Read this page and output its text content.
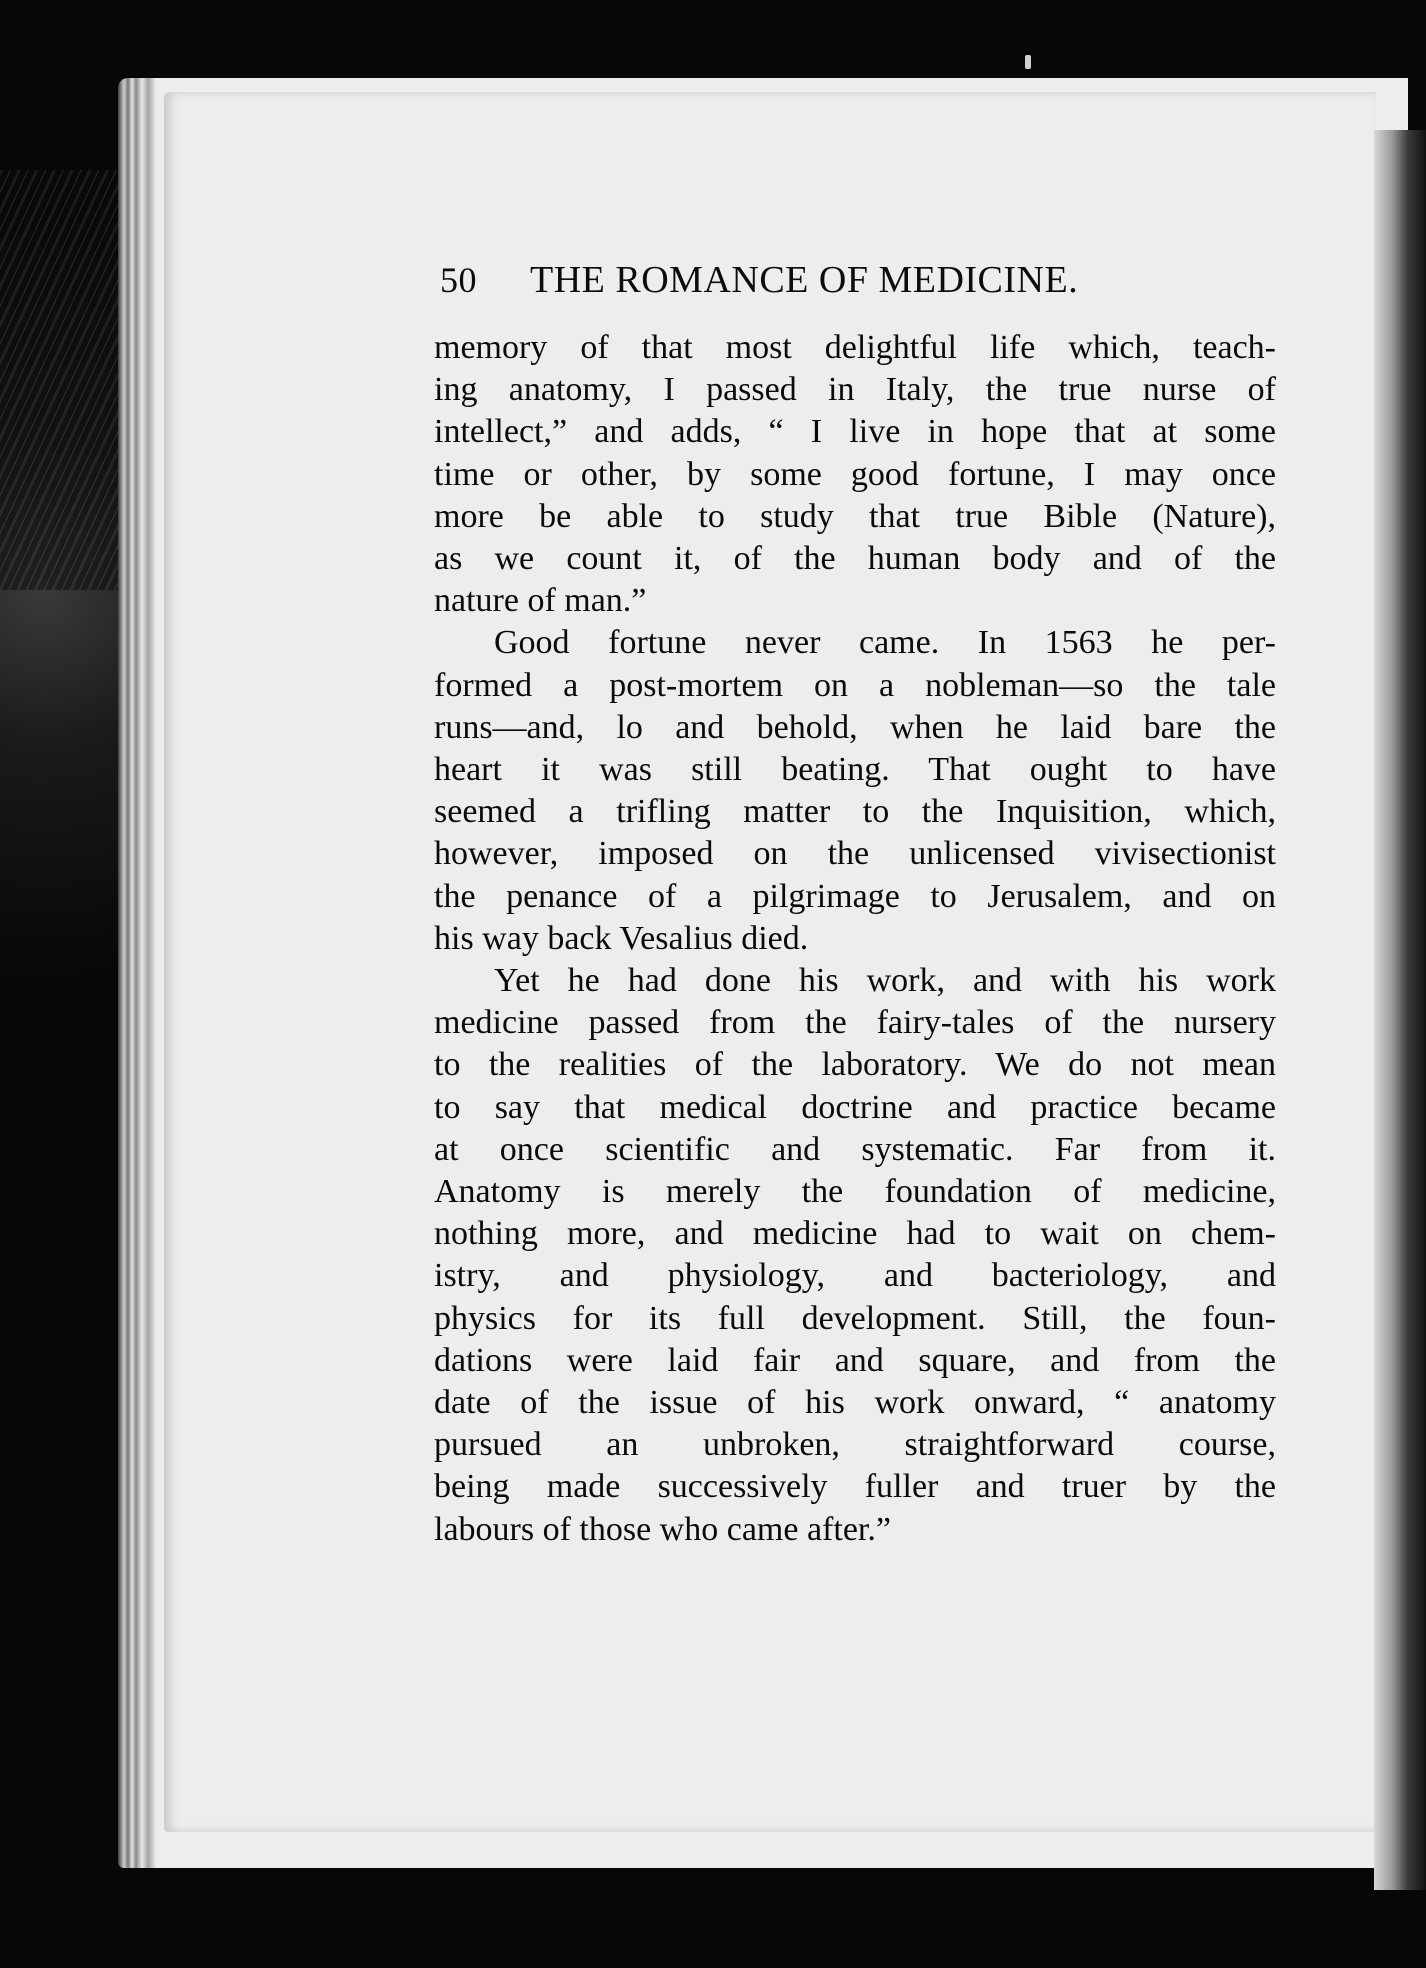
50	THE ROMANCE OF MEDICINE.
memory of that most delightful life which, teach-
ing anatomy, I passed in Italy, the true nurse of
intellect,” and adds, “ I live in hope that at some
time or other, by some good fortune, I may once
more be able to study that true Bible (Nature),
as we count it, of the human body and of the
nature of man.”
Good fortune never came. In 1563 he per-
formed a post-mortem on a nobleman—so the tale
runs—and, lo and behold, when he laid bare the
heart it was still beating. That ought to have
seemed a trifling matter to the Inquisition, which,
however, imposed on the unlicensed vivisectionist
the penance of a pilgrimage to Jerusalem, and on
his way back Vesalius died.
Yet he had done his work, and with his work
medicine passed from the fairy-tales of the nursery
to the realities of the laboratory. We do not mean
to say that medical doctrine and practice became
at once scientific and systematic. Far from it.
Anatomy is merely the foundation of medicine,
nothing more, and medicine had to wait on chem-
istry, and physiology, and bacteriology, and
physics for its full development. Still, the foun-
dations were laid fair and square, and from the
date of the issue of his work onward, “ anatomy
pursued an unbroken, straightforward course,
being made successively fuller and truer by the
labours of those who came after.”
